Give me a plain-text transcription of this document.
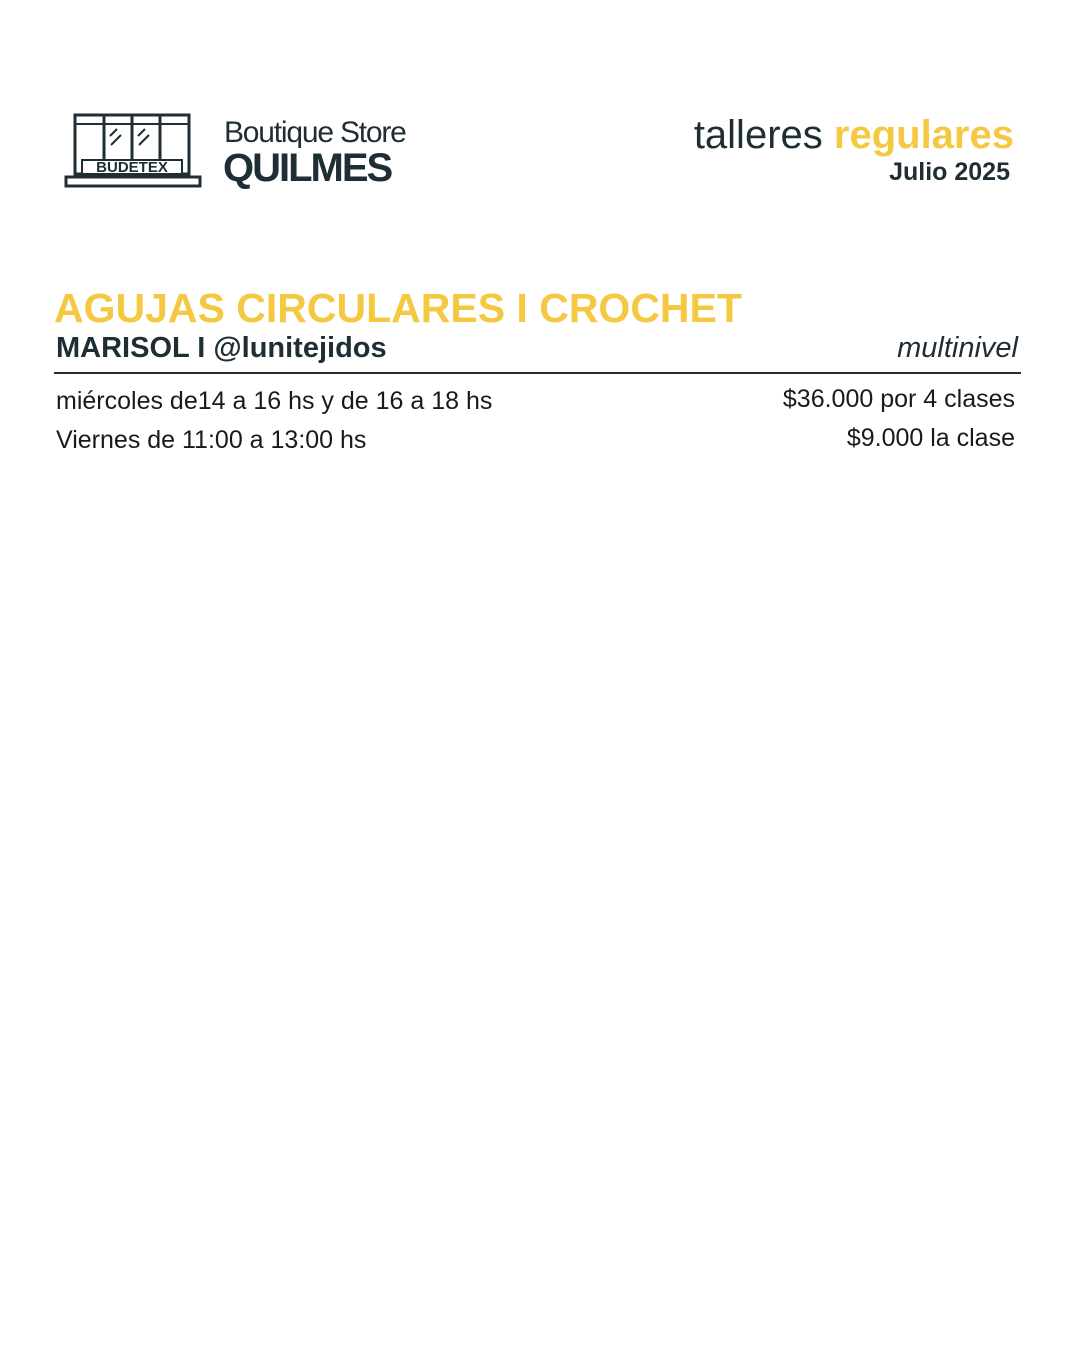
BUDETEX
Boutique Store
QUILMES
talleres regulares
Julio 2025
AGUJAS CIRCULARES I CROCHET
MARISOL I @lunitejidos	multinivel
miércoles de14 a 16 hs y de 16 a 18 hs
Viernes de 11:00 a 13:00 hs
$36.000 por 4 clases
$9.000 la clase
